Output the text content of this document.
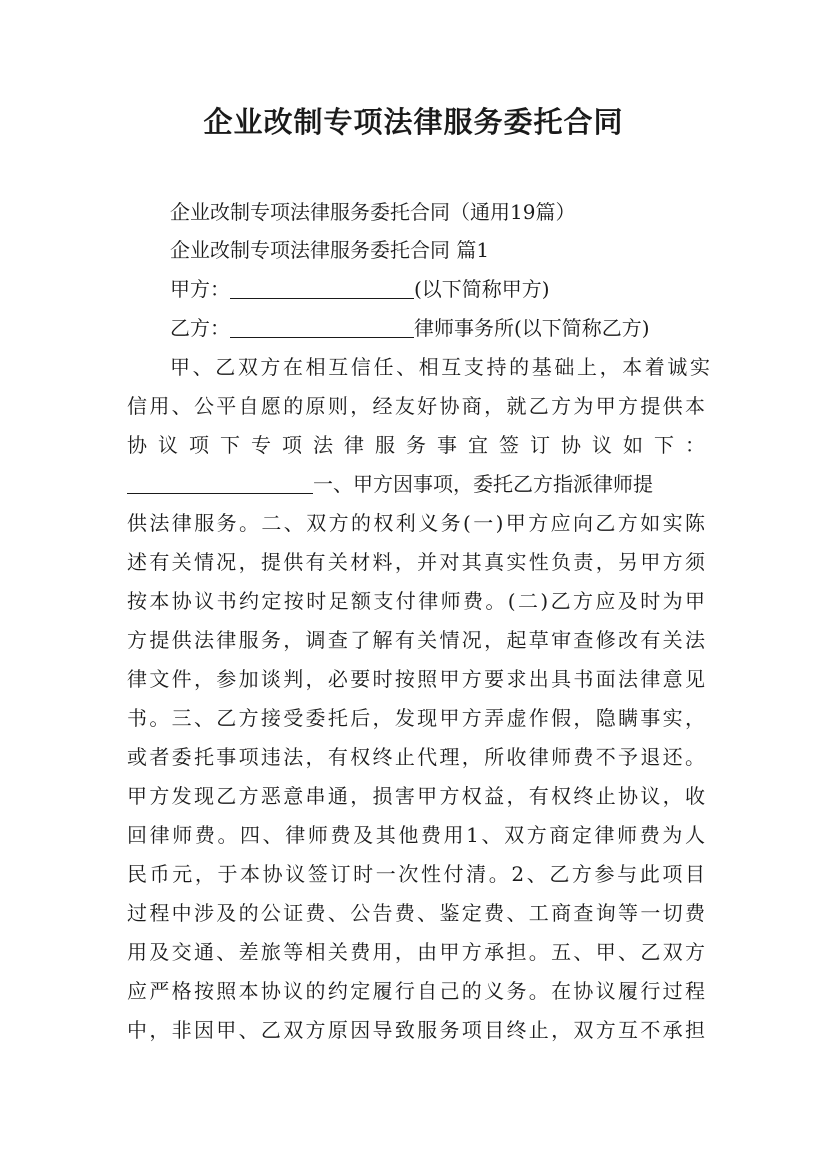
企业改制专项法律服务委托合同
企业改制专项法律服务委托合同（通用19篇）
企业改制专项法律服务委托合同 篇1
甲方：	(以下简称甲方)
乙方：	律师事务所(以下简称乙方)
甲、乙双方在相互信任、相互支持的基础上，本着诚实
信用、公平自愿的原则，经友好协商，就乙方为甲方提供本
协议项下专项法律服务事宜签订协议如下：
一、甲方因事项，委托乙方指派律师提
供法律服务。二、双方的权利义务(一)甲方应向乙方如实陈
述有关情况，提供有关材料，并对其真实性负责，另甲方须
按本协议书约定按时足额支付律师费。(二)乙方应及时为甲
方提供法律服务，调查了解有关情况，起草审查修改有关法
律文件，参加谈判，必要时按照甲方要求出具书面法律意见
书。三、乙方接受委托后，发现甲方弄虚作假，隐瞒事实，
或者委托事项违法，有权终止代理，所收律师费不予退还。
甲方发现乙方恶意串通，损害甲方权益，有权终止协议，收
回律师费。四、律师费及其他费用1、双方商定律师费为人
民币元，于本协议签订时一次性付清。2、乙方参与此项目
过程中涉及的公证费、公告费、鉴定费、工商查询等一切费
用及交通、差旅等相关费用，由甲方承担。五、甲、乙双方
应严格按照本协议的约定履行自己的义务。在协议履行过程
中，非因甲、乙双方原因导致服务项目终止，双方互不承担
